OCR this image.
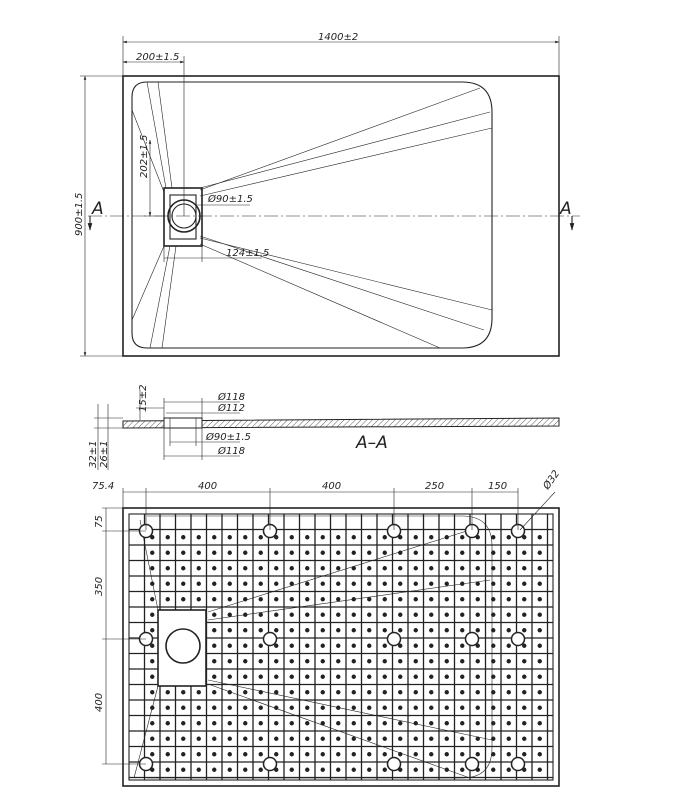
A	A
1400±2
200±1.5
900±1.5
202±1.5
Ø90±1.5
124±1.5
Ø118
Ø112
15±2
Ø90±1.5
Ø118
32±1 26±1	A–A
75.4	400	400	250	150	Ø32
75
350
400
